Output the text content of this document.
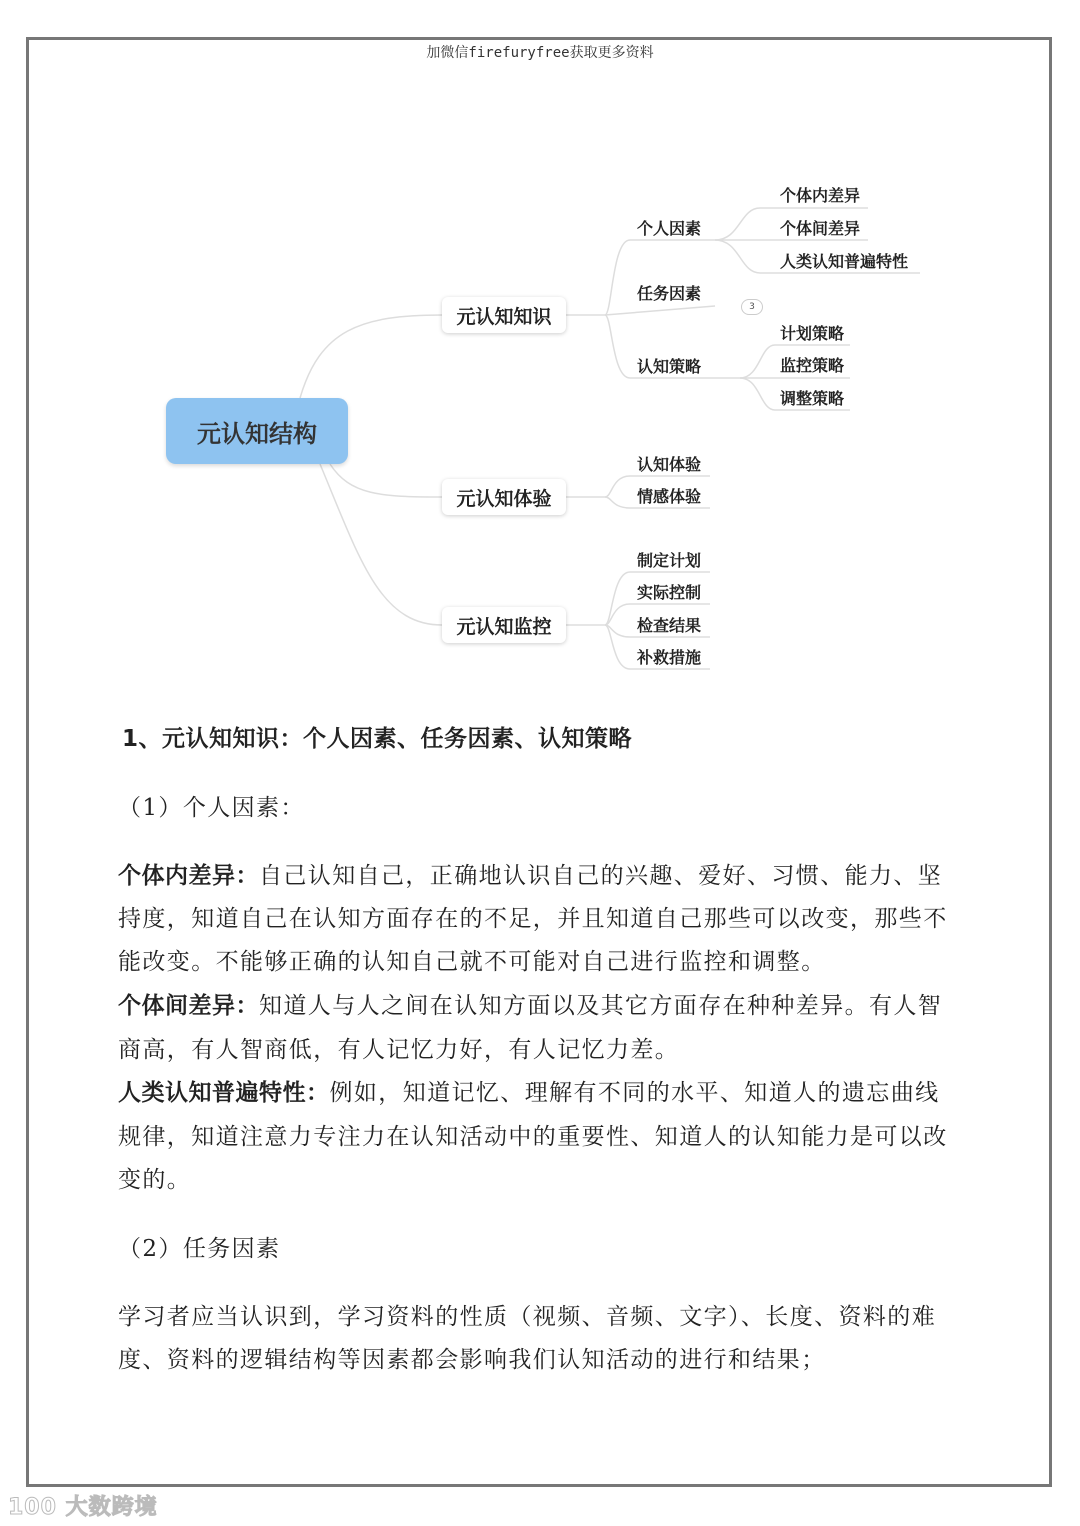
加微信firefuryfree获取更多资料
元认知结构
元认知知识
元认知体验
元认知监控
个人因素
任务因素
3
认知策略
个体内差异
个体间差异
人类认知普遍特性
计划策略
监控策略
调整策略
认知体验
情感体验
制定计划
实际控制
检查结果
补救措施
1、元认知知识：个人因素、任务因素、认知策略
（1）个人因素：
个体内差异：自己认知自己，正确地认识自己的兴趣、爱好、习惯、能力、坚
持度，知道自己在认知方面存在的不足，并且知道自己那些可以改变，那些不
能改变。不能够正确的认知自己就不可能对自己进行监控和调整。
个体间差异：知道人与人之间在认知方面以及其它方面存在种种差异。有人智
商高，有人智商低，有人记忆力好，有人记忆力差。
人类认知普遍特性：例如，知道记忆、理解有不同的水平、知道人的遗忘曲线
规律，知道注意力专注力在认知活动中的重要性、知道人的认知能力是可以改
变的。
（2）任务因素
学习者应当认识到，学习资料的性质（视频、音频、文字）、长度、资料的难
度、资料的逻辑结构等因素都会影响我们认知活动的进行和结果；
100 大数跨境
